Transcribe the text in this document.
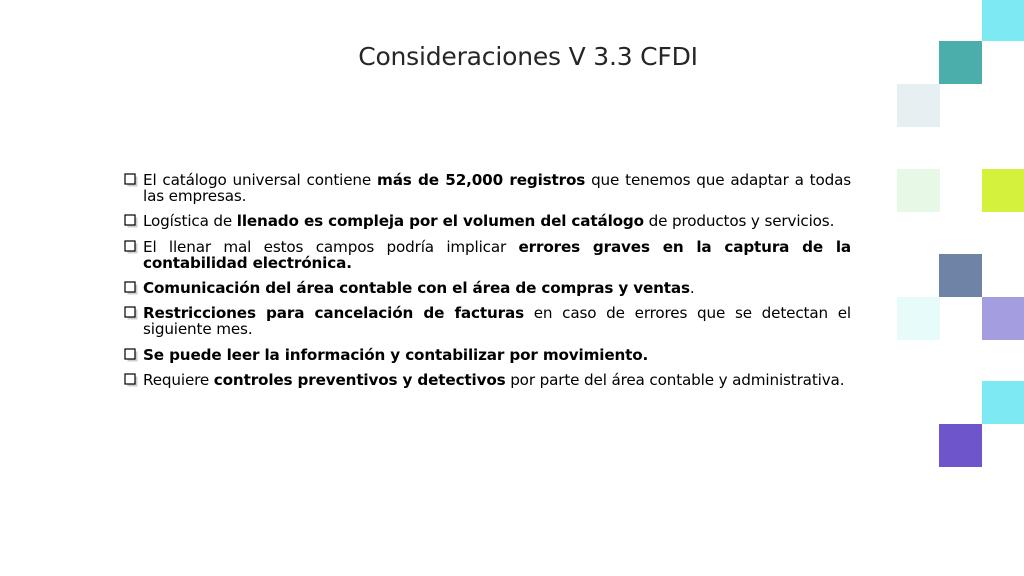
Consideraciones V 3.3 CFDI
El catálogo universal contiene más de 52,000 registros que tenemos que adaptar a todas las empresas.
Logística de llenado es compleja por el volumen del catálogo de productos y servicios.
El llenar mal estos campos podría implicar errores graves en la captura de la contabilidad electrónica.
Comunicación del área contable con el área de compras y ventas.
Restricciones para cancelación de facturas en caso de errores que se detectan el siguiente mes.
Se puede leer la información y contabilizar por movimiento.
Requiere controles preventivos y detectivos por parte del área contable y administrativa.
